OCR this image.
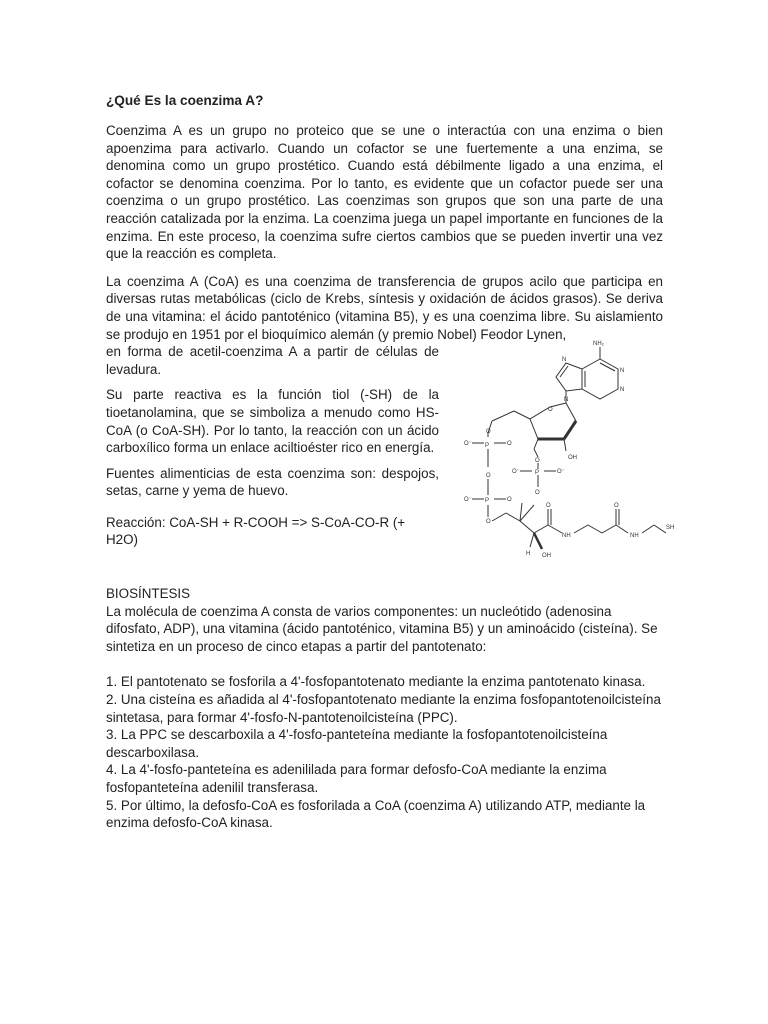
¿Qué Es la coenzima A?

Coenzima A es un grupo no proteico que se une o interactúa con una enzima o bien apoenzima para activarlo. Cuando un cofactor se une fuertemente a una enzima, se denomina como un grupo prostético. Cuando está débilmente ligado a una enzima, el cofactor se denomina coenzima. Por lo tanto, es evidente que un cofactor puede ser una coenzima o un grupo prostético. Las coenzimas son grupos que son una parte de una reacción catalizada por la enzima. La coenzima juega un papel importante en funciones de la enzima. En este proceso, la coenzima sufre ciertos cambios que se pueden invertir una vez que la reacción es completa.

La coenzima A (CoA) es una coenzima de transferencia de grupos acilo que participa en diversas rutas metabólicas (ciclo de Krebs, síntesis y oxidación de ácidos grasos). Se deriva de una vitamina: el ácido pantoténico (vitamina B5), y es una coenzima libre. Su aislamiento se produjo en 1951 por el bioquímico alemán (y premio Nobel) Feodor Lynen,

en forma de acetil-coenzima A a partir de células de levadura.

Su parte reactiva es la función tiol (-SH) de la tioetanolamina, que se simboliza a menudo como HS-CoA (o CoA-SH). Por lo tanto, la reacción con un ácido carboxílico forma un enlace aciltioéster rico en energía.

Fuentes alimenticias de esta coenzima son: despojos, setas, carne y yema de huevo.

Reacción: CoA-SH + R-COOH => S-CoA-CO-R (+ H2O)

NH₂
N
N
N
N
O
OH
P
O⁻	O
O
O	P
O⁻	O⁻
O
O
P
O⁻	O
O
O
NH
O
NH
SH
H OH

BIOSÍNTESIS

La molécula de coenzima A consta de varios componentes: un nucleótido (adenosina difosfato, ADP), una vitamina (ácido pantoténico, vitamina B5) y un aminoácido (cisteína). Se sintetiza en un proceso de cinco etapas a partir del pantotenato:

1. El pantotenato se fosforila a 4'-fosfopantotenato mediante la enzima pantotenato kinasa.
2. Una cisteína es añadida al 4'-fosfopantotenato mediante la enzima fosfopantotenoilcisteína sintetasa, para formar 4'-fosfo-N-pantotenoilcisteína (PPC).
3. La PPC se descarboxila a 4'-fosfo-panteteína mediante la fosfopantotenoilcisteína descarboxilasa.
4. La 4'-fosfo-panteteína es adenililada para formar defosfo-CoA mediante la enzima fosfopanteteína adenilil transferasa.
5. Por último, la defosfo-CoA es fosforilada a CoA (coenzima A) utilizando ATP, mediante la enzima defosfo-CoA kinasa.
